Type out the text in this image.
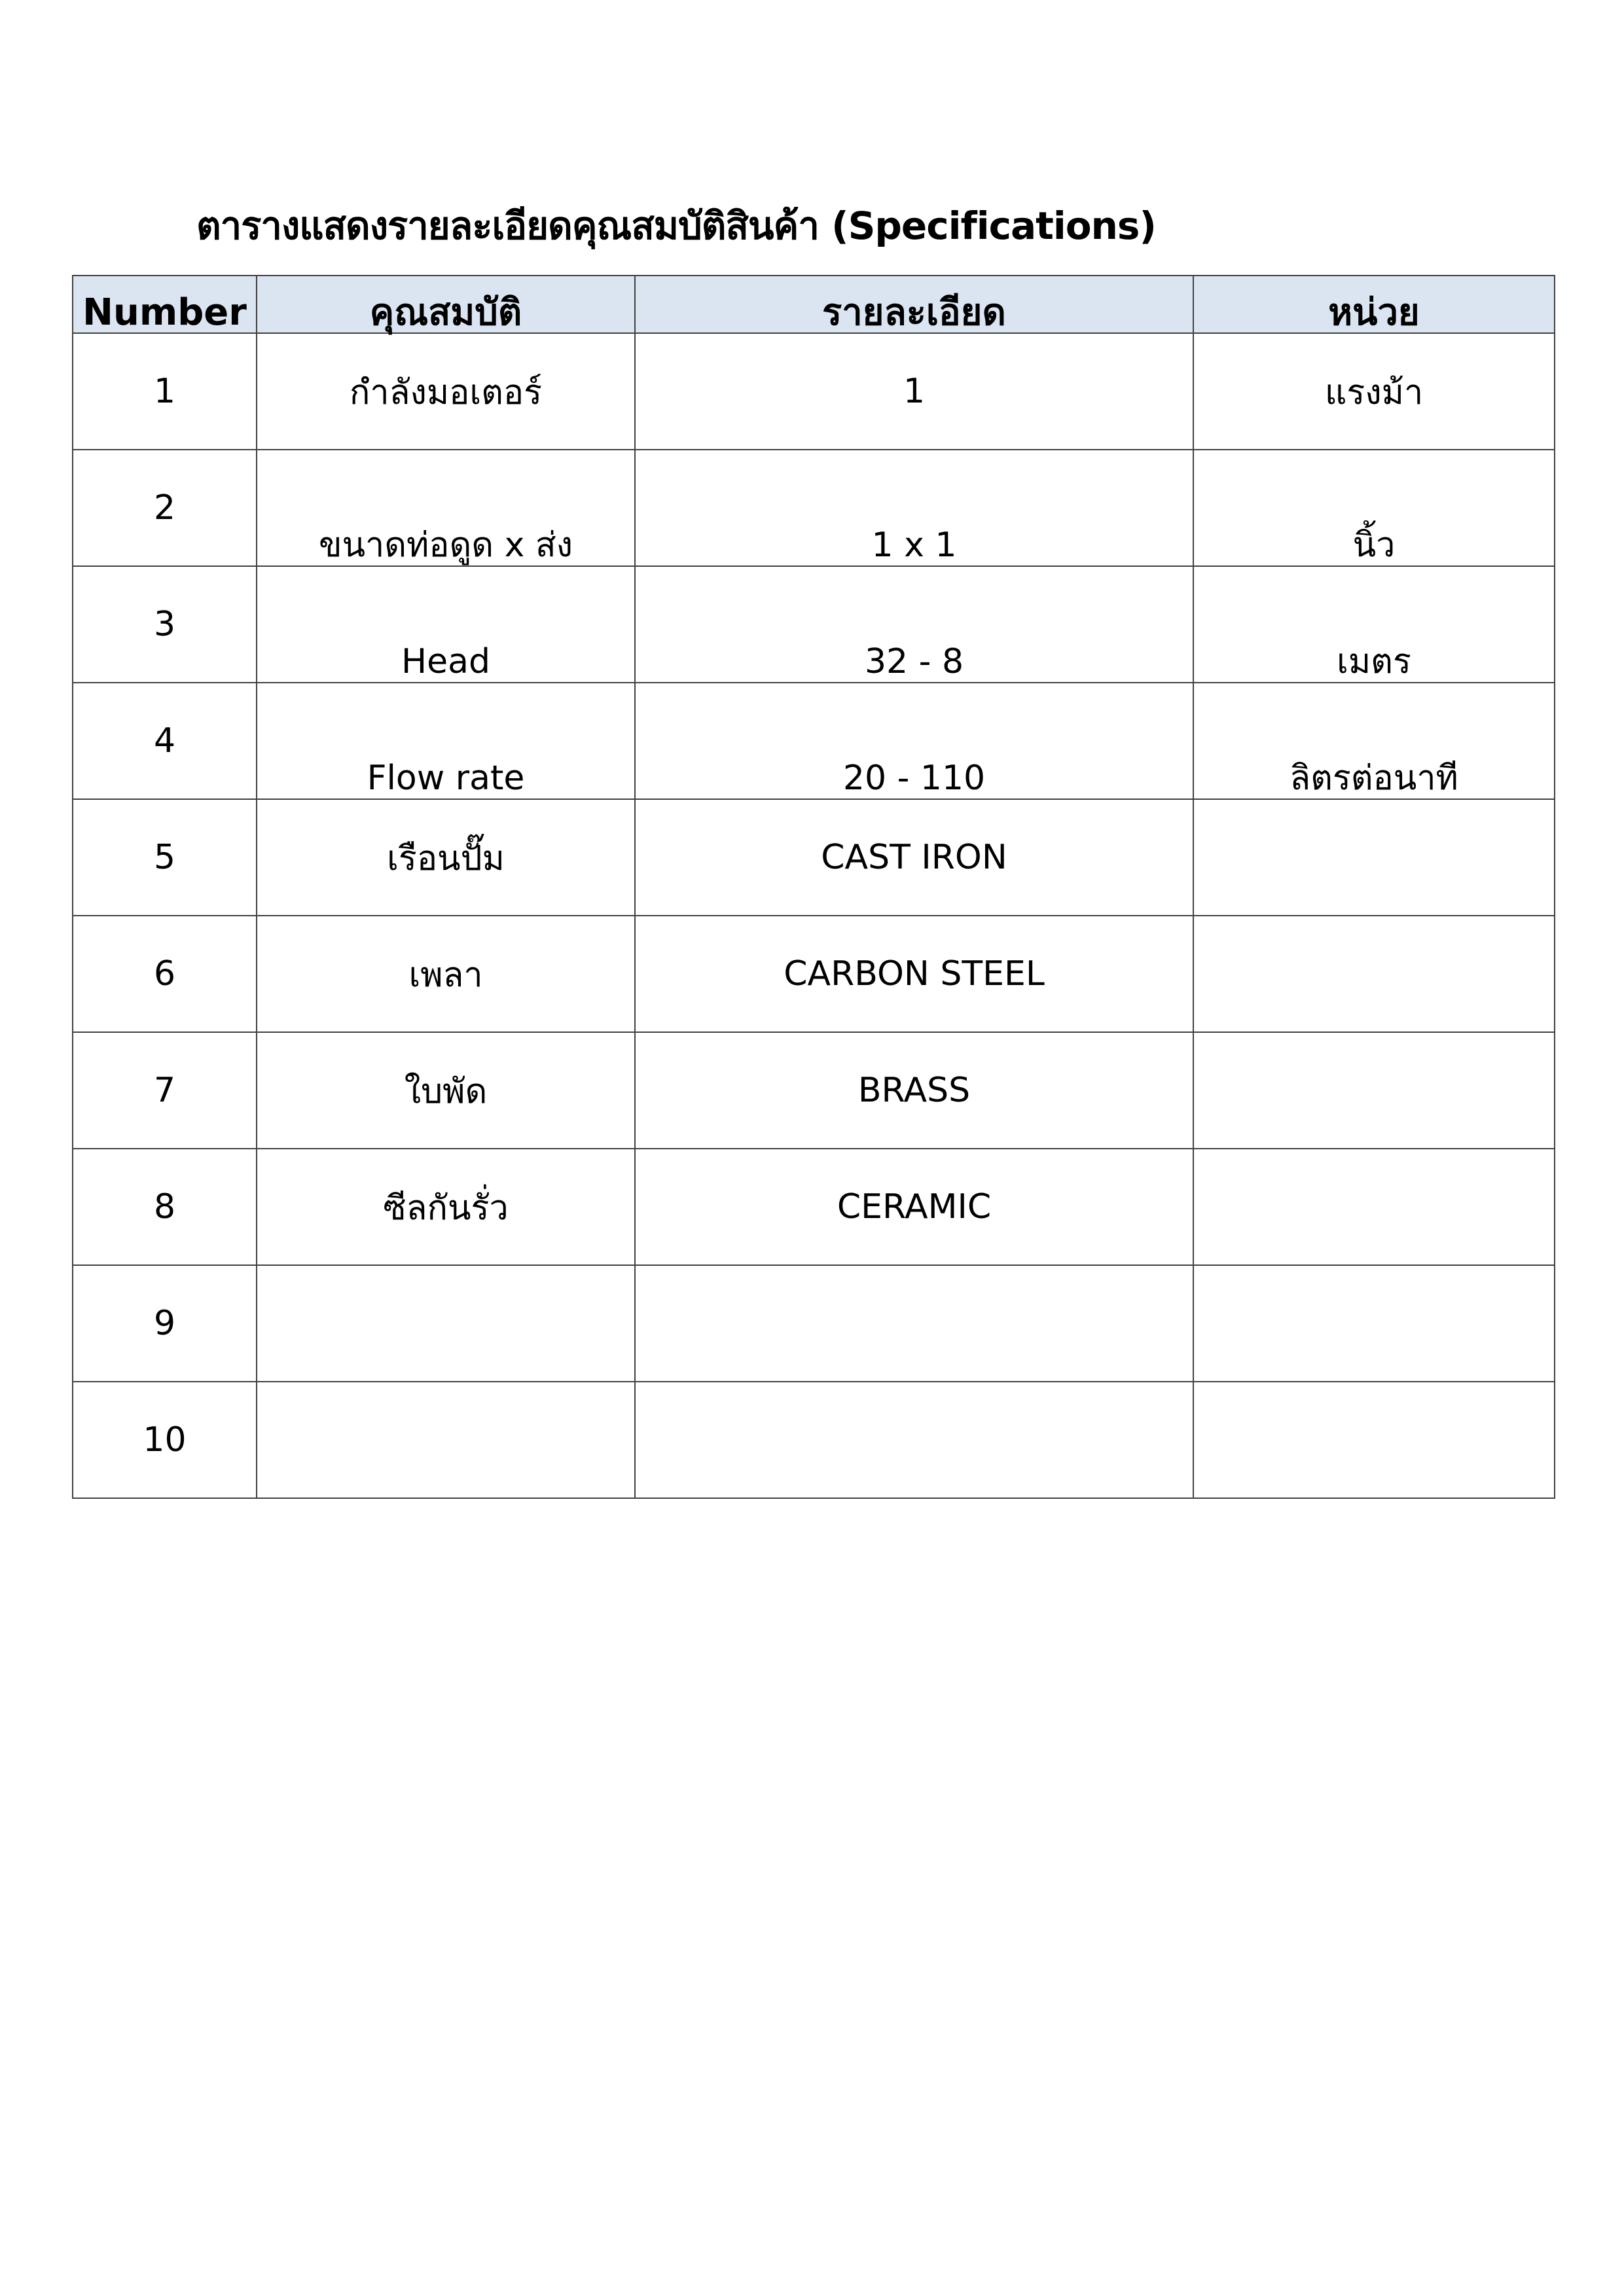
ตารางแสดงรายละเอียดคุณสมบัติสินค้า (Specifications)
Number	คุณสมบัติ	รายละเอียด	หน่วย
1	กำลังมอเตอร์	1	แรงม้า
2	ขนาดท่อดูด x ส่ง	1 x 1	นิ้ว
3	Head	32 - 8	เมตร
4	Flow rate	20 - 110	ลิตรต่อนาที
5	เรือนปั๊ม	CAST IRON	
6	เพลา	CARBON STEEL	
7	ใบพัด	BRASS	
8	ซีลกันรั่ว	CERAMIC	
9			
10			
